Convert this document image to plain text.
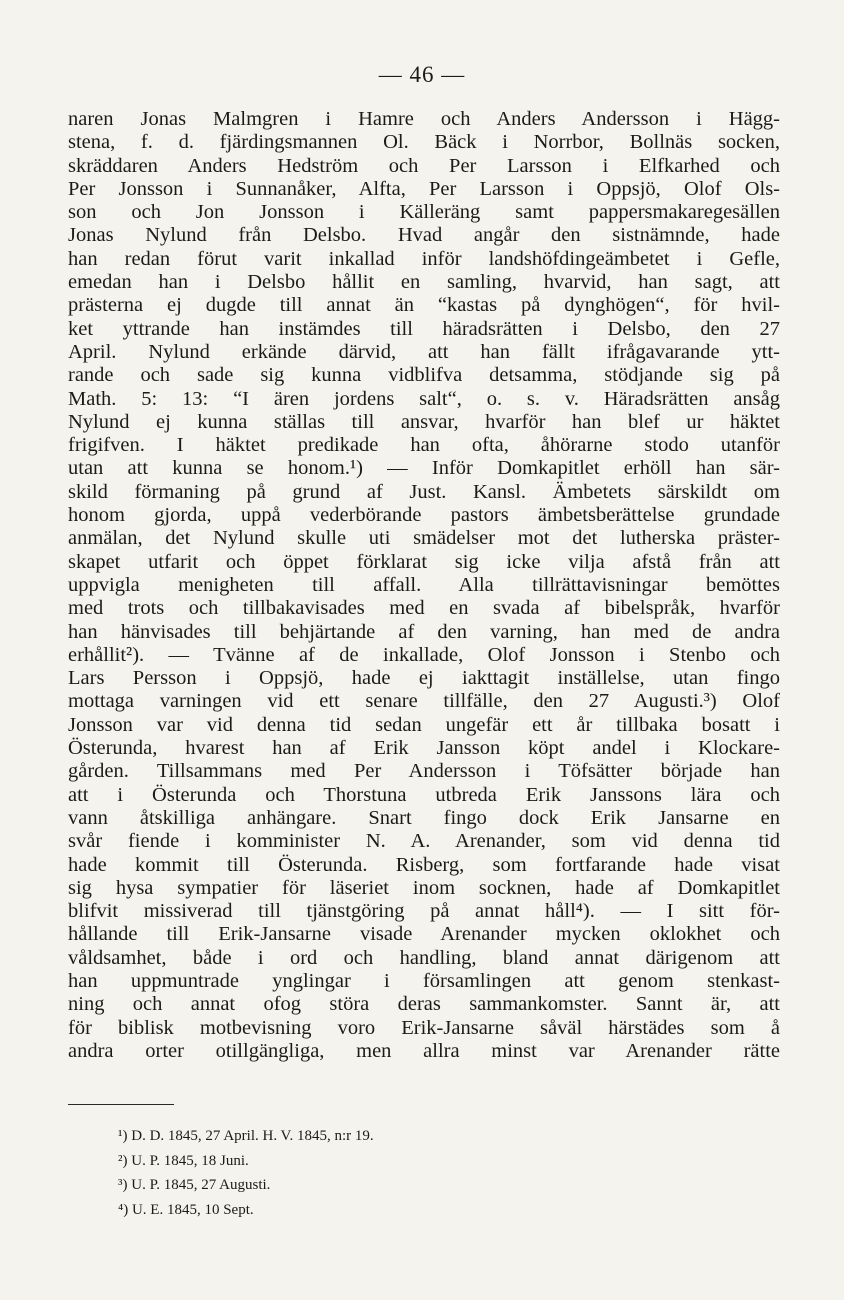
— 46 —
naren Jonas Malmgren i Hamre och Anders Andersson i Hägg-
stena, f. d. fjärdingsmannen Ol. Bäck i Norrbor, Bollnäs socken,
skräddaren Anders Hedström och Per Larsson i Elfkarhed och
Per Jonsson i Sunnanåker, Alfta, Per Larsson i Oppsjö, Olof Ols-
son och Jon Jonsson i Källeräng samt pappersmakaregesällen
Jonas Nylund från Delsbo. Hvad angår den sistnämnde, hade
han redan förut varit inkallad inför landshöfdingeämbetet i Gefle,
emedan han i Delsbo hållit en samling, hvarvid, han sagt, att
prästerna ej dugde till annat än “kastas på dynghögen“, för hvil-
ket yttrande han instämdes till häradsrätten i Delsbo, den 27
April. Nylund erkände därvid, att han fällt ifrågavarande ytt-
rande och sade sig kunna vidblifva detsamma, stödjande sig på
Math. 5: 13: “I ären jordens salt“, o. s. v. Häradsrätten ansåg
Nylund ej kunna ställas till ansvar, hvarför han blef ur häktet
frigifven. I häktet predikade han ofta, åhörarne stodo utanför
utan att kunna se honom.¹) — Inför Domkapitlet erhöll han sär-
skild förmaning på grund af Just. Kansl. Ämbetets särskildt om
honom gjorda, uppå vederbörande pastors ämbetsberättelse grundade
anmälan, det Nylund skulle uti smädelser mot det lutherska präster-
skapet utfarit och öppet förklarat sig icke vilja afstå från att
uppvigla menigheten till affall. Alla tillrättavisningar bemöttes
med trots och tillbakavisades med en svada af bibelspråk, hvarför
han hänvisades till behjärtande af den varning, han med de andra
erhållit²). — Tvänne af de inkallade, Olof Jonsson i Stenbo och
Lars Persson i Oppsjö, hade ej iakttagit inställelse, utan fingo
mottaga varningen vid ett senare tillfälle, den 27 Augusti.³) Olof
Jonsson var vid denna tid sedan ungefär ett år tillbaka bosatt i
Österunda, hvarest han af Erik Jansson köpt andel i Klockare-
gården. Tillsammans med Per Andersson i Töfsätter började han
att i Österunda och Thorstuna utbreda Erik Janssons lära och
vann åtskilliga anhängare. Snart fingo dock Erik Jansarne en
svår fiende i komminister N. A. Arenander, som vid denna tid
hade kommit till Österunda. Risberg, som fortfarande hade visat
sig hysa sympatier för läseriet inom socknen, hade af Domkapitlet
blifvit missiverad till tjänstgöring på annat håll⁴). — I sitt för-
hållande till Erik-Jansarne visade Arenander mycken oklokhet och
våldsamhet, både i ord och handling, bland annat därigenom att
han uppmuntrade ynglingar i församlingen att genom stenkast-
ning och annat ofog störa deras sammankomster. Sannt är, att
för biblisk motbevisning voro Erik-Jansarne såväl härstädes som å
andra orter otillgängliga, men allra minst var Arenander rätte
¹) D. D. 1845, 27 April. H. V. 1845, n:r 19.
²) U. P. 1845, 18 Juni.
³) U. P. 1845, 27 Augusti.
⁴) U. E. 1845, 10 Sept.
